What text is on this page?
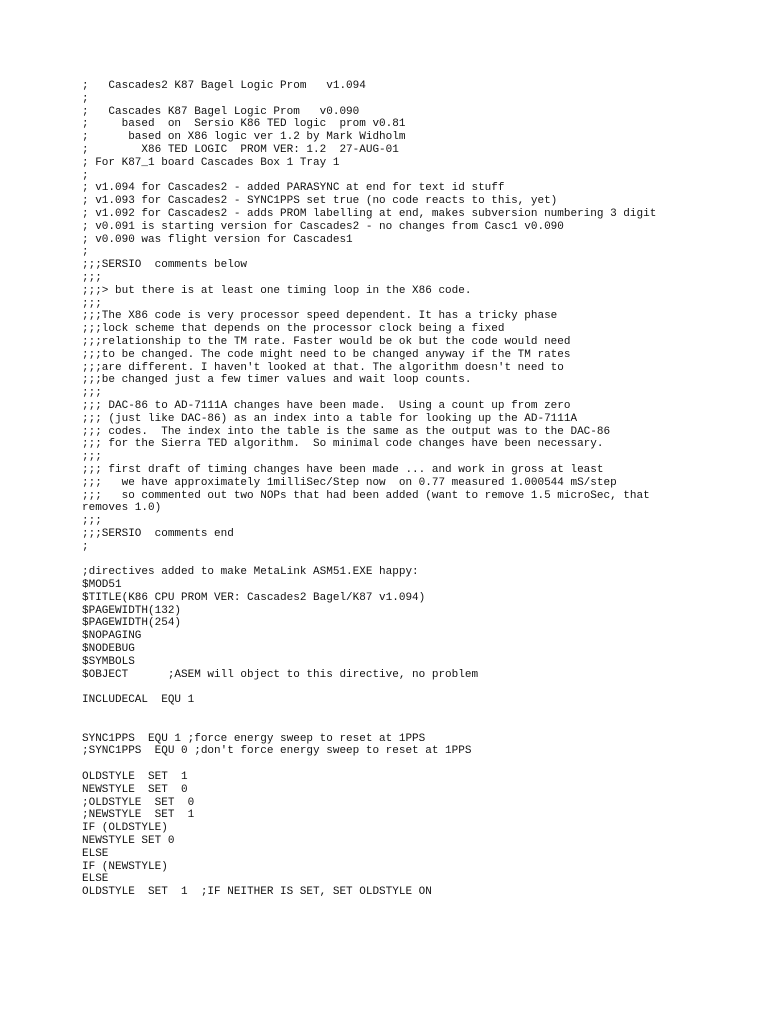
;   Cascades2 K87 Bagel Logic Prom   v1.094
;
;   Cascades K87 Bagel Logic Prom   v0.090
;     based  on  Sersio K86 TED logic  prom v0.81
;      based on X86 logic ver 1.2 by Mark Widholm
;        X86 TED LOGIC  PROM VER: 1.2  27-AUG-01
; For K87_1 board Cascades Box 1 Tray 1
;
; v1.094 for Cascades2 - added PARASYNC at end for text id stuff
; v1.093 for Cascades2 - SYNC1PPS set true (no code reacts to this, yet)
; v1.092 for Cascades2 - adds PROM labelling at end, makes subversion numbering 3 digit
; v0.091 is starting version for Cascades2 - no changes from Casc1 v0.090
; v0.090 was flight version for Cascades1
;
;;;SERSIO  comments below
;;;
;;;> but there is at least one timing loop in the X86 code.
;;;
;;;The X86 code is very processor speed dependent. It has a tricky phase
;;;lock scheme that depends on the processor clock being a fixed
;;;relationship to the TM rate. Faster would be ok but the code would need
;;;to be changed. The code might need to be changed anyway if the TM rates
;;;are different. I haven't looked at that. The algorithm doesn't need to
;;;be changed just a few timer values and wait loop counts.
;;;
;;; DAC-86 to AD-7111A changes have been made.  Using a count up from zero
;;; (just like DAC-86) as an index into a table for looking up the AD-7111A
;;; codes.  The index into the table is the same as the output was to the DAC-86
;;; for the Sierra TED algorithm.  So minimal code changes have been necessary.
;;;
;;; first draft of timing changes have been made ... and work in gross at least
;;;   we have approximately 1milliSec/Step now  on 0.77 measured 1.000544 mS/step
;;;   so commented out two NOPs that had been added (want to remove 1.5 microSec, that
removes 1.0)
;;;
;;;SERSIO  comments end
;

;directives added to make MetaLink ASM51.EXE happy:
$MOD51
$TITLE(K86 CPU PROM VER: Cascades2 Bagel/K87 v1.094)
$PAGEWIDTH(132)
$PAGEWIDTH(254)
$NOPAGING
$NODEBUG
$SYMBOLS
$OBJECT      ;ASEM will object to this directive, no problem

INCLUDECAL  EQU 1

SYNC1PPS  EQU 1 ;force energy sweep to reset at 1PPS
;SYNC1PPS  EQU 0 ;don't force energy sweep to reset at 1PPS

OLDSTYLE  SET  1
NEWSTYLE  SET  0
;OLDSTYLE  SET  0
;NEWSTYLE  SET  1
IF (OLDSTYLE)
NEWSTYLE SET 0
ELSE
IF (NEWSTYLE)
ELSE
OLDSTYLE  SET  1  ;IF NEITHER IS SET, SET OLDSTYLE ON
